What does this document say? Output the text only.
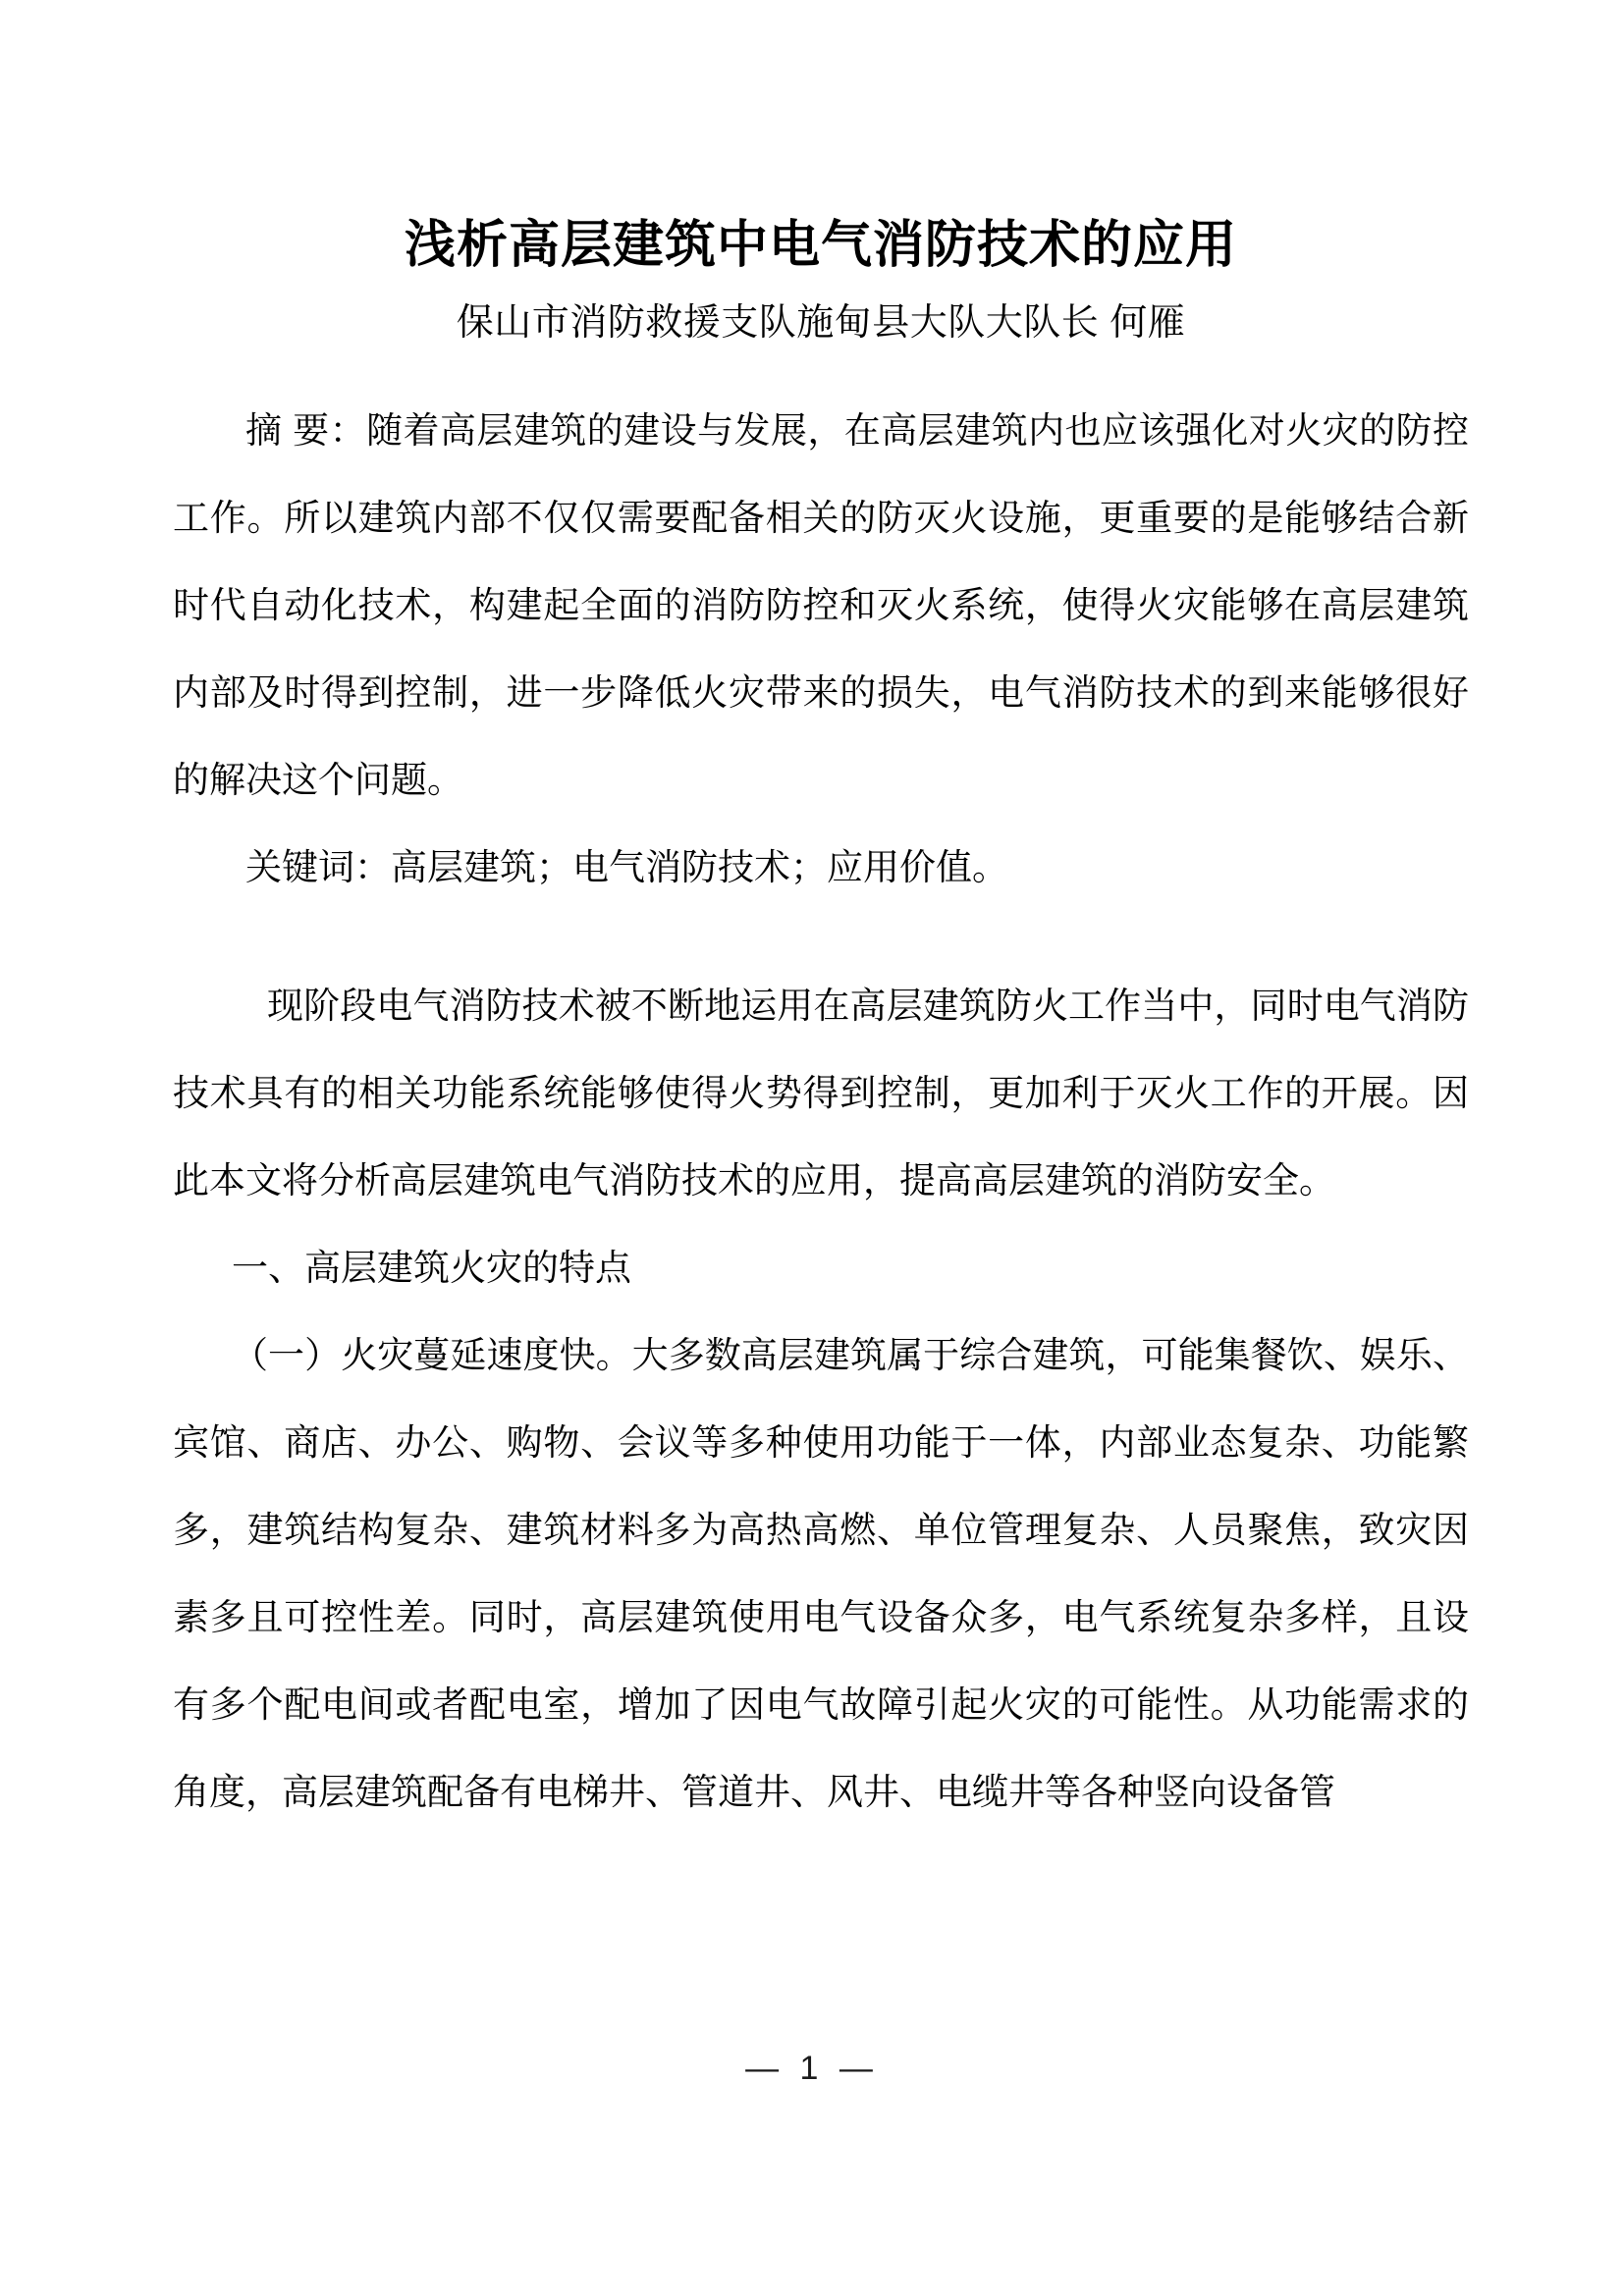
浅析高层建筑中电气消防技术的应用

保山市消防救援支队施甸县大队大队长 何雁

摘 要：随着高层建筑的建设与发展，在高层建筑内也应该强化对火灾的防控工作。所以建筑内部不仅仅需要配备相关的防灭火设施，更重要的是能够结合新时代自动化技术，构建起全面的消防防控和灭火系统，使得火灾能够在高层建筑内部及时得到控制，进一步降低火灾带来的损失，电气消防技术的到来能够很好的解决这个问题。

关键词：高层建筑；电气消防技术；应用价值。

现阶段电气消防技术被不断地运用在高层建筑防火工作当中，同时电气消防技术具有的相关功能系统能够使得火势得到控制，更加利于灭火工作的开展。因此本文将分析高层建筑电气消防技术的应用，提高高层建筑的消防安全。

一、高层建筑火灾的特点

（一）火灾蔓延速度快。大多数高层建筑属于综合建筑，可能集餐饮、娱乐、宾馆、商店、办公、购物、会议等多种使用功能于一体，内部业态复杂、功能繁多，建筑结构复杂、建筑材料多为高热高燃、单位管理复杂、人员聚焦，致灾因素多且可控性差。同时，高层建筑使用电气设备众多，电气系统复杂多样，且设有多个配电间或者配电室，增加了因电气故障引起火灾的可能性。从功能需求的角度，高层建筑配备有电梯井、管道井、风井、电缆井等各种竖向设备管

— 1 —
